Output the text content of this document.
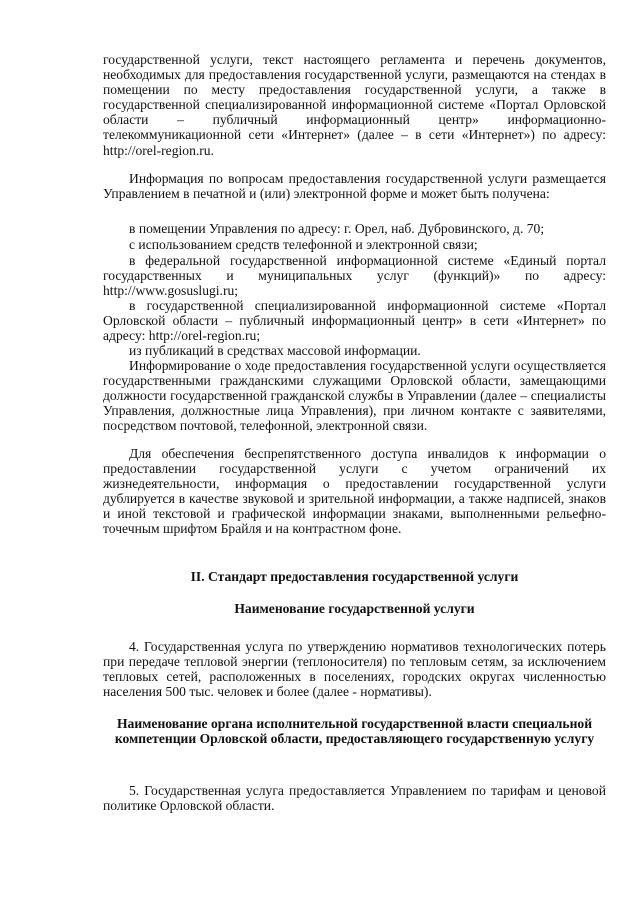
государственной услуги, текст настоящего регламента и перечень документов, необходимых для предоставления государственной услуги, размещаются на стендах в помещении по месту предоставления государственной услуги, а также в государственной специализированной информационной системе «Портал Орловской области – публичный информационный центр» информационно-телекоммуникационной сети «Интернет» (далее – в сети «Интернет») по адресу: http://orel-region.ru.

Информация по вопросам предоставления государственной услуги размещается Управлением в печатной и (или) электронной форме и может быть получена:

в помещении Управления по адресу: г. Орел, наб. Дубровинского, д. 70;

с использованием средств телефонной и электронной связи;

в федеральной государственной информационной системе «Единый портал государственных и муниципальных услуг (функций)» по адресу: http://www.gosuslugi.ru;

в государственной специализированной информационной системе «Портал Орловской области – публичный информационный центр» в сети «Интернет» по адресу: http://orel-region.ru;

из публикаций в средствах массовой информации.

Информирование о ходе предоставления государственной услуги осуществляется государственными гражданскими служащими Орловской области, замещающими должности государственной гражданской службы в Управлении (далее – специалисты Управления, должностные лица Управления), при личном контакте с заявителями, посредством почтовой, телефонной, электронной связи.

Для обеспечения беспрепятственного доступа инвалидов к информации о предоставлении государственной услуги с учетом ограничений их жизнедеятельности, информация о предоставлении государственной услуги дублируется в качестве звуковой и зрительной информации, а также надписей, знаков и иной текстовой и графической информации знаками, выполненными рельефно-точечным шрифтом Брайля и на контрастном фоне.

II. Стандарт предоставления государственной услуги

Наименование государственной услуги

4. Государственная услуга по утверждению нормативов технологических потерь при передаче тепловой энергии (теплоносителя) по тепловым сетям, за исключением тепловых сетей, расположенных в поселениях, городских округах численностью населения 500 тыс. человек и более (далее - нормативы).

Наименование органа исполнительной государственной власти специальной компетенции Орловской области, предоставляющего государственную услугу

5. Государственная услуга предоставляется Управлением по тарифам и ценовой политике Орловской области.
